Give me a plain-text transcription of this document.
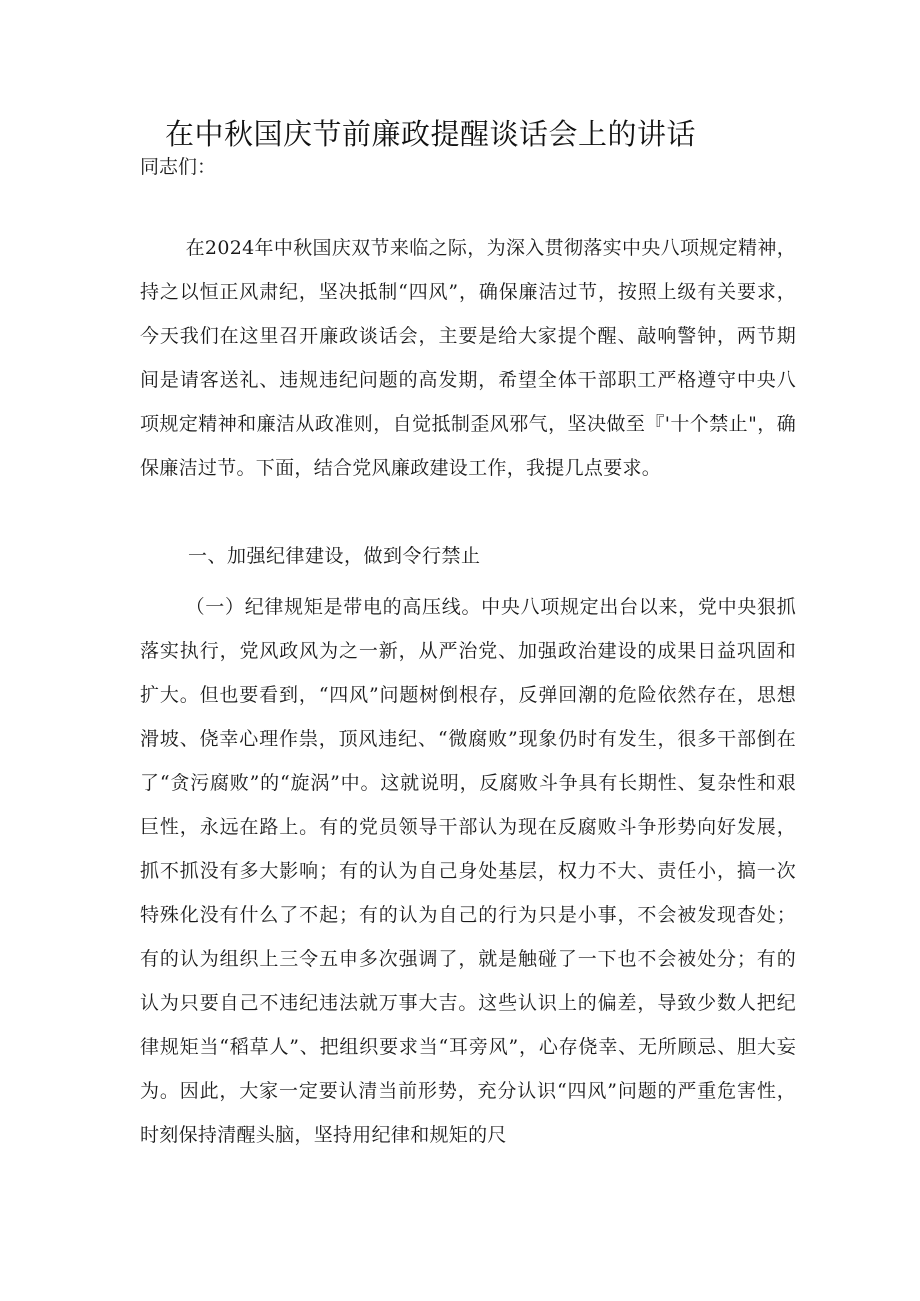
在中秋国庆节前廉政提醒谈话会上的讲话

同志们：

在2024年中秋国庆双节来临之际，为深入贯彻落实中央八项规定精神，持之以恒正风肃纪，坚决抵制“四风”，确保廉洁过节，按照上级有关要求，今天我们在这里召开廉政谈话会，主要是给大家提个醒、敲响警钟，两节期间是请客送礼、违规违纪问题的高发期，希望全体干部职工严格遵守中央八项规定精神和廉洁从政准则，自觉抵制歪风邪气，坚决做至『'十个禁止"，确保廉洁过节。下面，结合党风廉政建设工作，我提几点要求。

一、加强纪律建设，做到令行禁止

（一）纪律规矩是带电的高压线。中央八项规定出台以来，党中央狠抓落实执行，党风政风为之一新，从严治党、加强政治建设的成果日益巩固和扩大。但也要看到，“四风”问题树倒根存，反弹回潮的危险依然存在，思想滑坡、侥幸心理作祟，顶风违纪、“微腐败”现象仍时有发生，很多干部倒在了“贪污腐败”的“旋涡”中。这就说明，反腐败斗争具有长期性、复杂性和艰巨性，永远在路上。有的党员领导干部认为现在反腐败斗争形势向好发展，抓不抓没有多大影响；有的认为自己身处基层，权力不大、责任小，搞一次特殊化没有什么了不起；有的认为自己的行为只是小事，不会被发现杳处；有的认为组织上三令五申多次强调了，就是触碰了一下也不会被处分；有的认为只要自己不违纪违法就万事大吉。这些认识上的偏差，导致少数人把纪律规矩当“稻草人”、把组织要求当“耳旁风”，心存侥幸、无所顾忌、胆大妄为。因此，大家一定要认清当前形势，充分认识“四风”问题的严重危害性，时刻保持清醒头脑，坚持用纪律和规矩的尺
